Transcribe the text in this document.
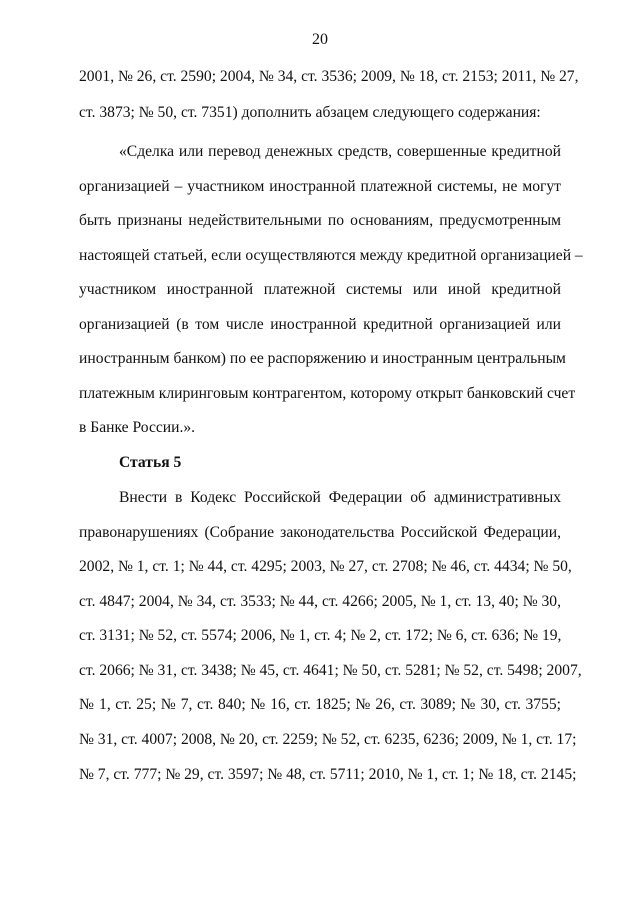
20
2001, № 26, ст. 2590; 2004, № 34, ст. 3536; 2009, № 18, ст. 2153; 2011, № 27,
ст. 3873; № 50, ст. 7351) дополнить абзацем следующего содержания:
«Сделка или перевод денежных средств, совершенные кредитной
организацией – участником иностранной платежной системы, не могут
быть признаны недействительными по основаниям, предусмотренным
настоящей статьей, если осуществляются между кредитной организацией –
участником иностранной платежной системы или иной кредитной
организацией (в том числе иностранной кредитной организацией или
иностранным банком) по ее распоряжению и иностранным центральным
платежным клиринговым контрагентом, которому открыт банковский счет
в Банке России.».
Статья 5
Внести в Кодекс Российской Федерации об административных
правонарушениях (Собрание законодательства Российской Федерации,
2002, № 1, ст. 1; № 44, ст. 4295; 2003, № 27, ст. 2708; № 46, ст. 4434; № 50,
ст. 4847; 2004, № 34, ст. 3533; № 44, ст. 4266; 2005, № 1, ст. 13, 40; № 30,
ст. 3131; № 52, ст. 5574; 2006, № 1, ст. 4; № 2, ст. 172; № 6, ст. 636; № 19,
ст. 2066; № 31, ст. 3438; № 45, ст. 4641; № 50, ст. 5281; № 52, ст. 5498; 2007,
№ 1, ст. 25; № 7, ст. 840; № 16, ст. 1825; № 26, ст. 3089; № 30, ст. 3755;
№ 31, ст. 4007; 2008, № 20, ст. 2259; № 52, ст. 6235, 6236; 2009, № 1, ст. 17;
№ 7, ст. 777; № 29, ст. 3597; № 48, ст. 5711; 2010, № 1, ст. 1; № 18, ст. 2145;
